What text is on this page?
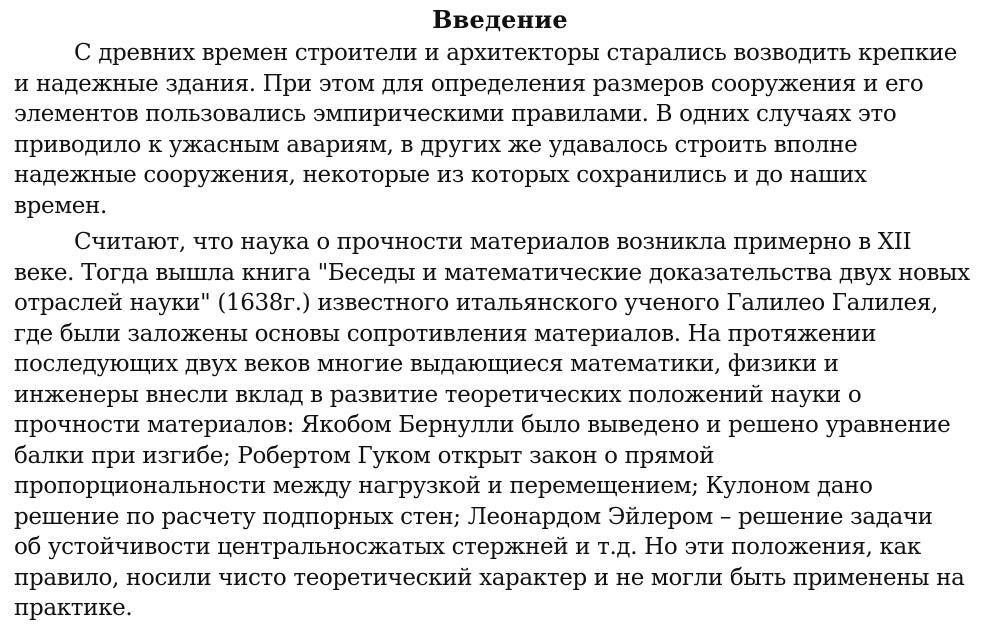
Введение
С древних времен строители и архитекторы старались возводить крепкие
и надежные здания. При этом для определения размеров сооружения и его
элементов пользовались эмпирическими правилами. В одних случаях это
приводило к ужасным авариям, в других же удавалось строить вполне
надежные сооружения, некоторые из которых сохранились и до наших
времен.
Считают, что наука о прочности материалов возникла примерно в XII
веке. Тогда вышла книга "Беседы и математические доказательства двух новых
отраслей науки" (1638г.) известного итальянского ученого Галилео Галилея,
где были заложены основы сопротивления материалов. На протяжении
последующих двух веков многие выдающиеся математики, физики и
инженеры внесли вклад в развитие теоретических положений науки о
прочности материалов: Якобом Бернулли было выведено и решено уравнение
балки при изгибе; Робертом Гуком открыт закон о прямой
пропорциональности между нагрузкой и перемещением; Кулоном дано
решение по расчету подпорных стен; Леонардом Эйлером – решение задачи
об устойчивости центральносжатых стержней и т.д. Но эти положения, как
правило, носили чисто теоретический характер и не могли быть применены на
практике.
